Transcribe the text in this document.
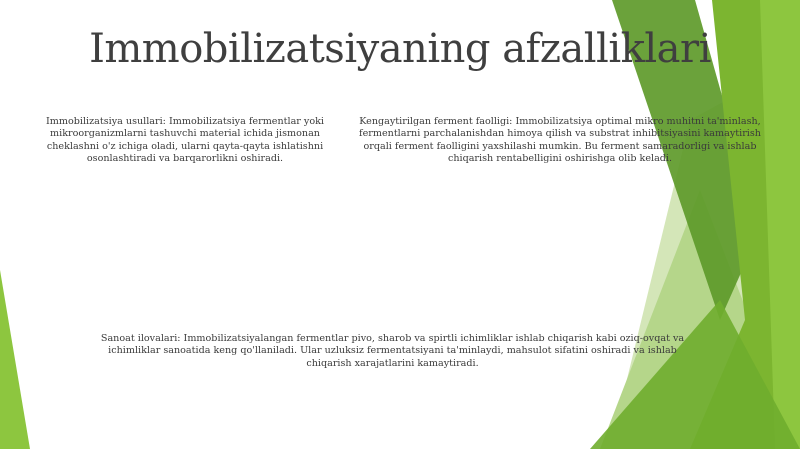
Immobilizatsiyaning afzalliklari
Immobilizatsiya usullari: Immobilizatsiya fermentlar yoki mikroorganizmlarni tashuvchi material ichida jismonan cheklashni o'z ichiga oladi, ularni qayta-qayta ishlatishni osonlashtiradi va barqarorlikni oshiradi.
Kengaytirilgan ferment faolligi: Immobilizatsiya optimal mikro muhitni ta'minlash, fermentlarni parchalanishdan himoya qilish va substrat inhibitsiyasini kamaytirish orqali ferment faolligini yaxshilashi mumkin. Bu ferment samaradorligi va ishlab chiqarish rentabelligini oshirishga olib keladi.
Sanoat ilovalari: Immobilizatsiyalangan fermentlar pivo, sharob va spirtli ichimliklar ishlab chiqarish kabi oziq-ovqat va ichimliklar sanoatida keng qo'llaniladi. Ular uzluksiz fermentatsiyani ta'minlaydi, mahsulot sifatini oshiradi va ishlab chiqarish xarajatlarini kamaytiradi.
